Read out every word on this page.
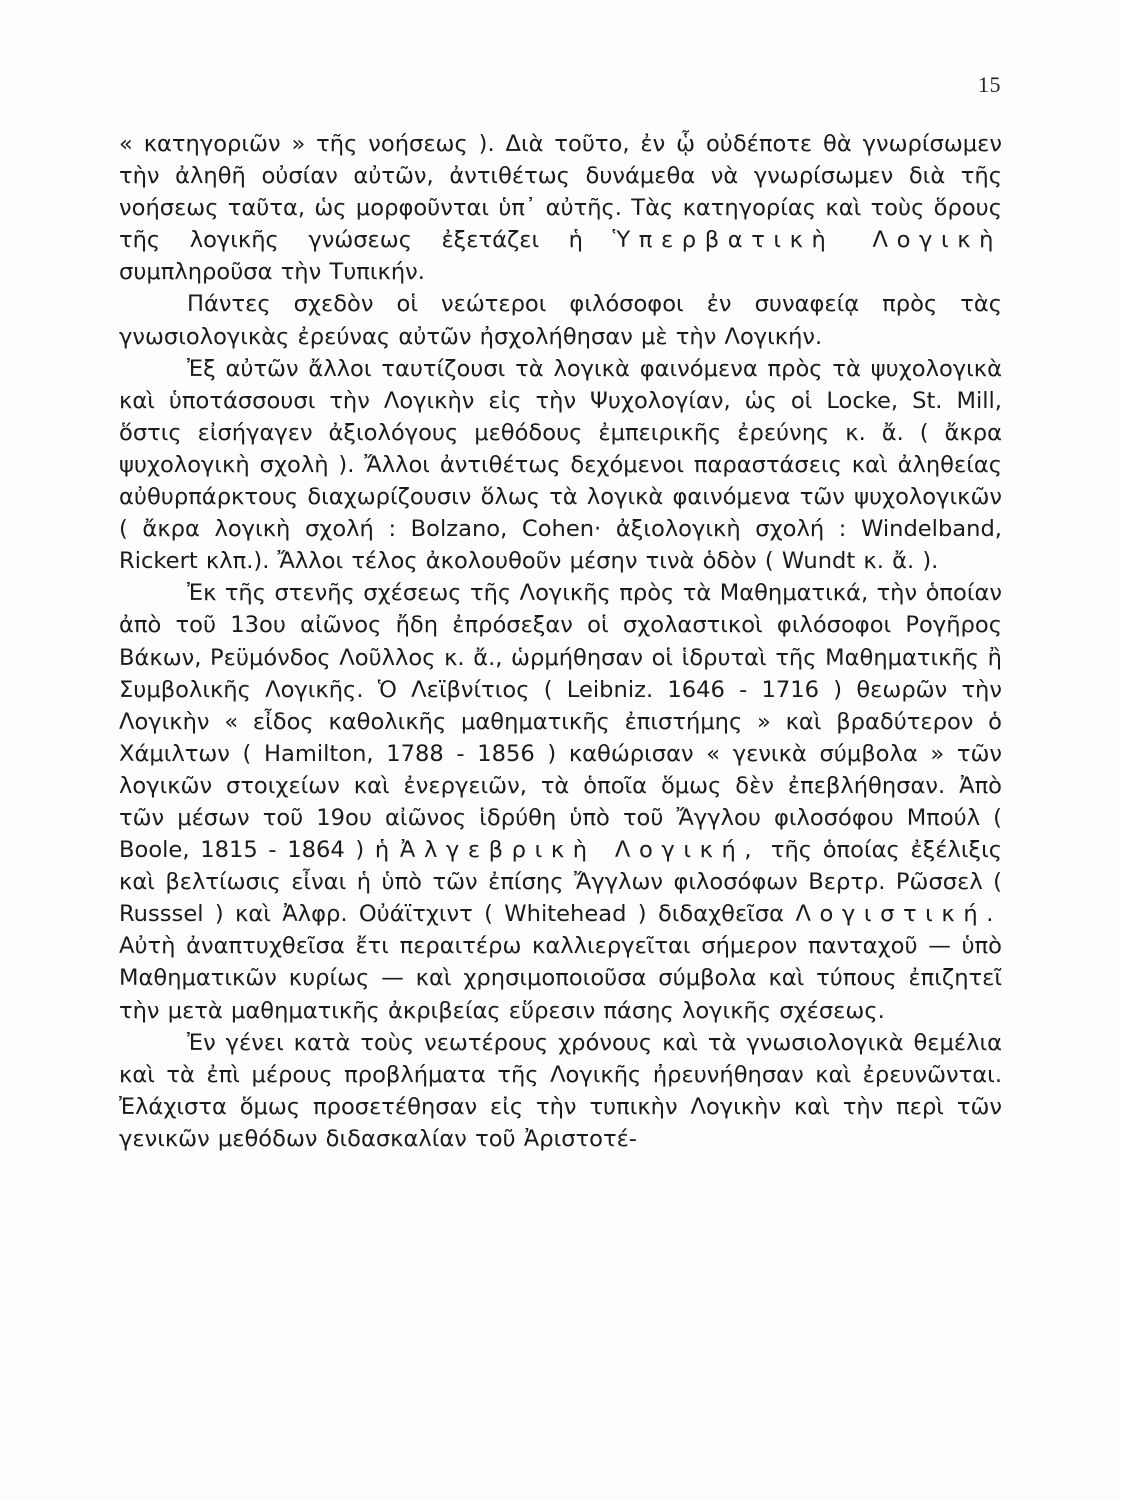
15

« κατηγοριῶν » τῆς νοήσεως ). Διὰ τοῦτο, ἐν ᾧ οὐδέποτε θὰ γνωρίσωμεν τὴν ἀληθῆ οὐσίαν αὐτῶν, ἀντιθέτως δυνάμεθα νὰ γνωρίσωμεν διὰ τῆς νοήσεως ταῦτα, ὡς μορφοῦνται ὑπ᾽ αὐτῆς. Τὰς κατηγορίας καὶ τοὺς ὅρους τῆς λογικῆς γνώσεως ἐξετάζει ἡ Ὑπερβατικὴ Λογικὴ συμπληροῦσα τὴν Τυπικήν.

Πάντες σχεδὸν οἱ νεώτεροι φιλόσοφοι ἐν συναφείᾳ πρὸς τὰς γνωσιολογικὰς ἐρεύνας αὐτῶν ἠσχολήθησαν μὲ τὴν Λογικήν.

Ἐξ αὐτῶν ἄλλοι ταυτίζουσι τὰ λογικὰ φαινόμενα πρὸς τὰ ψυχολογικὰ καὶ ὑποτάσσουσι τὴν Λογικὴν εἰς τὴν Ψυχολογίαν, ὡς οἱ Locke, St. Mill, ὅστις εἰσήγαγεν ἀξιολόγους μεθόδους ἐμπειρικῆς ἐρεύνης κ. ἄ. ( ἄκρα ψυχολογικὴ σχολὴ ). Ἄλλοι ἀντιθέτως δεχόμενοι παραστάσεις καὶ ἀληθείας αὐθυρπάρκτους διαχωρίζουσιν ὅλως τὰ λογικὰ φαινόμενα τῶν ψυχολογικῶν ( ἄκρα λογικὴ σχολή : Bolzano, Cohen· ἀξιολογικὴ σχολή : Windelband, Rickert κλπ.). Ἄλλοι τέλος ἀκολουθοῦν μέσην τινὰ ὁδὸν ( Wundt κ. ἄ. ).

Ἐκ τῆς στενῆς σχέσεως τῆς Λογικῆς πρὸς τὰ Μαθηματικά, τὴν ὁποίαν ἀπὸ τοῦ 13ου αἰῶνος ἤδη ἐπρόσεξαν οἱ σχολαστικοὶ φιλόσοφοι Ρογῆρος Βάκων, Ρεϋμόνδος Λοῦλλος κ. ἄ., ὡρμήθησαν οἱ ἱδρυταὶ τῆς Μαθηματικῆς ἢ Συμβολικῆς Λογικῆς. Ὁ Λεϊβνίτιος ( Leibniz. 1646 - 1716 ) θεωρῶν τὴν Λογικὴν « εἶδος καθολικῆς μαθηματικῆς ἐπιστήμης » καὶ βραδύτερον ὁ Χάμιλτων ( Hamilton, 1788 - 1856 ) καθώρισαν « γενικὰ σύμβολα » τῶν λογικῶν στοιχείων καὶ ἐνεργειῶν, τὰ ὁποῖα ὅμως δὲν ἐπεβλήθησαν. Ἀπὸ τῶν μέσων τοῦ 19ου αἰῶνος ἱδρύθη ὑπὸ τοῦ Ἄγγλου φιλοσόφου Μπούλ ( Boole, 1815 - 1864 ) ἡ Ἀλγεβρικὴ Λογική, τῆς ὁποίας ἐξέλιξις καὶ βελτίωσις εἶναι ἡ ὑπὸ τῶν ἐπίσης Ἄγγλων φιλοσόφων Βερτρ. Ρῶσσελ ( Russsel ) καὶ Ἀλφρ. Οὐάϊτχιντ ( Whitehead ) διδαχθεῖσα Λογιστική. Αὐτὴ ἀναπτυχθεῖσα ἔτι περαιτέρω καλλιεργεῖται σήμερον πανταχοῦ — ὑπὸ Μαθηματικῶν κυρίως — καὶ χρησιμοποιοῦσα σύμβολα καὶ τύπους ἐπιζητεῖ τὴν μετὰ μαθηματικῆς ἀκριβείας εὕρεσιν πάσης λογικῆς σχέσεως.

Ἐν γένει κατὰ τοὺς νεωτέρους χρόνους καὶ τὰ γνωσιολογικὰ θεμέλια καὶ τὰ ἐπὶ μέρους προβλήματα τῆς Λογικῆς ἠρευνήθησαν καὶ ἐρευνῶνται. Ἐλάχιστα ὅμως προσετέθησαν εἰς τὴν τυπικὴν Λογικὴν καὶ τὴν περὶ τῶν γενικῶν μεθόδων διδασκαλίαν τοῦ Ἀριστοτέ-
